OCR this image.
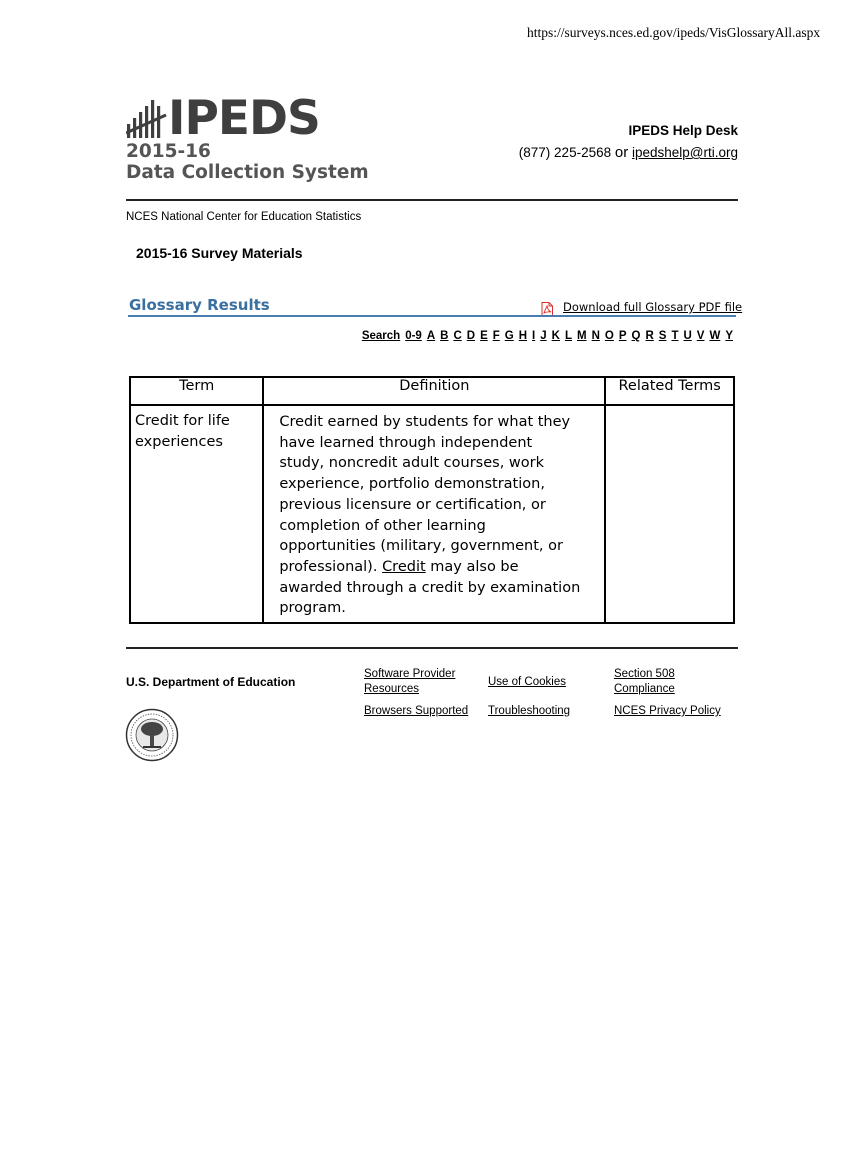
https://surveys.nces.ed.gov/ipeds/VisGlossaryAll.aspx
IPEDS
2015-16
Data Collection System
IPEDS Help Desk
(877) 225-2568 or ipedshelp@rti.org
NCES National Center for Education Statistics
2015-16 Survey Materials
Glossary Results	Download full Glossary PDF file
Search 0-9 A B C D E F G H I J K L M N O P Q R S T U V W Y
Term	Definition	Related Terms
Credit for life experiences	Credit earned by students for what they have learned through independent study, noncredit adult courses, work experience, portfolio demonstration, previous licensure or certification, or completion of other learning opportunities (military, government, or professional). Credit may also be awarded through a credit by examination program.	
U.S. Department of Education
Software Provider
Resources
Use of Cookies
Section 508
Compliance
Browsers Supported Troubleshooting	NCES Privacy Policy
